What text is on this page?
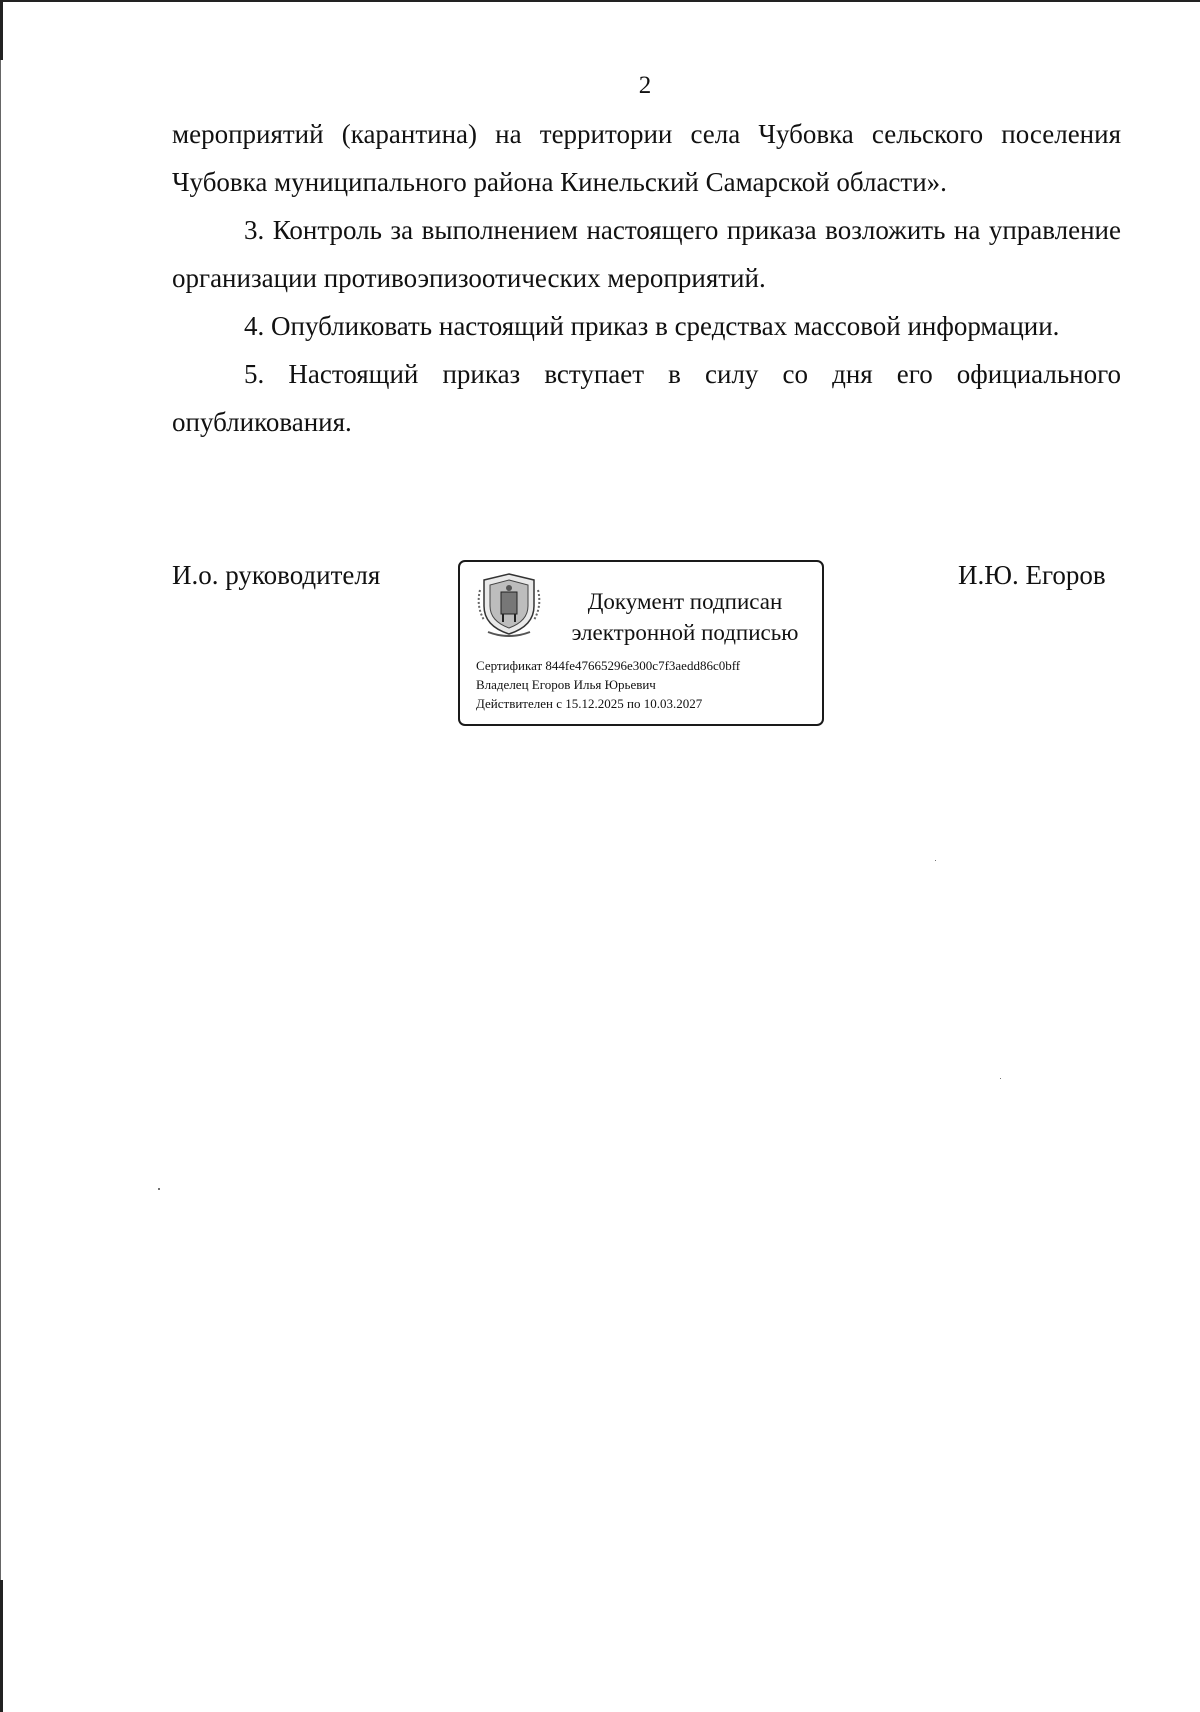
2

мероприятий (карантина) на территории села Чубовка сельского поселения Чубовка муниципального района Кинельский Самарской области».

3. Контроль за выполнением настоящего приказа возложить на управление организации противоэпизоотических мероприятий.

4. Опубликовать настоящий приказ в средствах массовой информации.

5. Настоящий приказ вступает в силу со дня его официального опубликования.

И.о. руководителя	И.Ю. Егоров
Документ подписан
электронной подписью
Сертификат 844fe47665296e300c7f3aedd86c0bff
Владелец Егоров Илья Юрьевич
Действителен с 15.12.2025 по 10.03.2027
